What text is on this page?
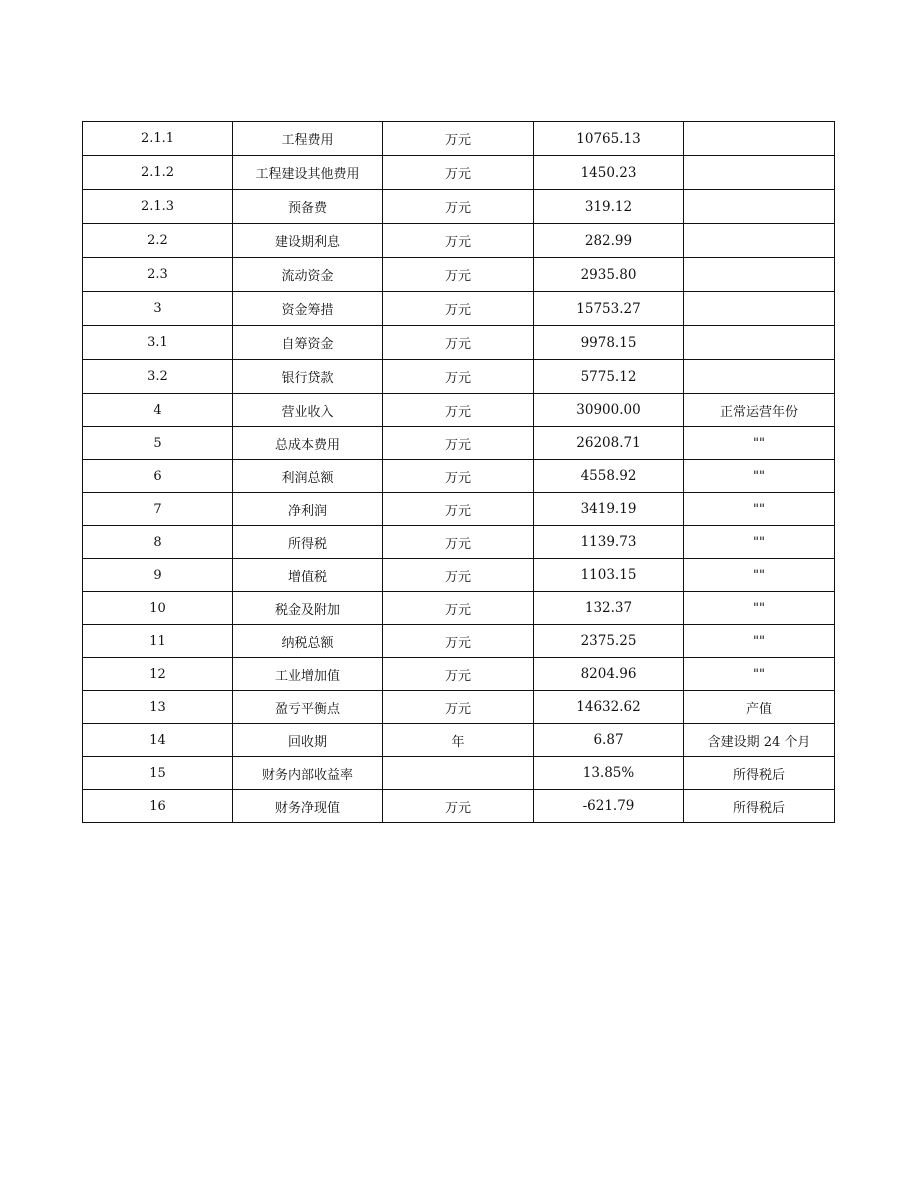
2.1.1	工程费用	万元	10765.13	
2.1.2	工程建设其他费用	万元	1450.23	
2.1.3	预备费	万元	319.12	
2.2	建设期利息	万元	282.99	
2.3	流动资金	万元	2935.80	
3	资金筹措	万元	15753.27	
3.1	自筹资金	万元	9978.15	
3.2	银行贷款	万元	5775.12	
4	营业收入	万元	30900.00	正常运营年份
5	总成本费用	万元	26208.71	""
6	利润总额	万元	4558.92	""
7	净利润	万元	3419.19	""
8	所得税	万元	1139.73	""
9	增值税	万元	1103.15	""
10	税金及附加	万元	132.37	""
11	纳税总额	万元	2375.25	""
12	工业增加值	万元	8204.96	""
13	盈亏平衡点	万元	14632.62	产值
14	回收期	年	6.87	含建设期 24 个月
15	财务内部收益率		13.85%	所得税后
16	财务净现值	万元	-621.79	所得税后
